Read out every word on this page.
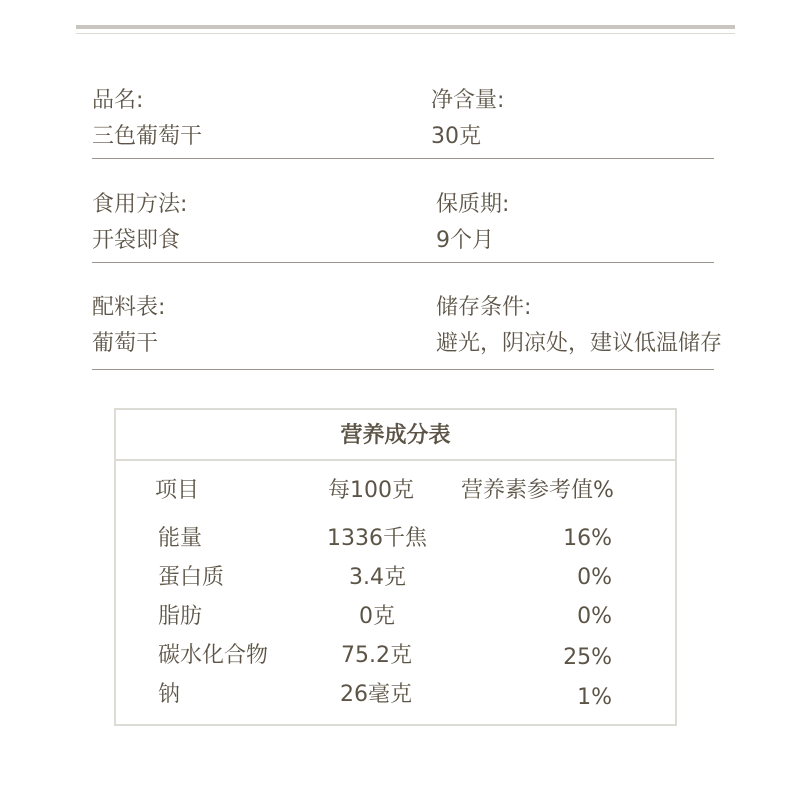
品名:
三色葡萄干
净含量:
30克
食用方法:
开袋即食
保质期:
9个月
配料表:
葡萄干
储存条件:
避光，阴凉处，建议低温储存
营养成分表
项目	每100克 营养素参考值%
能量	1336千焦	16%
蛋白质	3.4克	0%
脂肪	0克	0%
碳水化合物	75.2克	25%
钠	26毫克	1%
